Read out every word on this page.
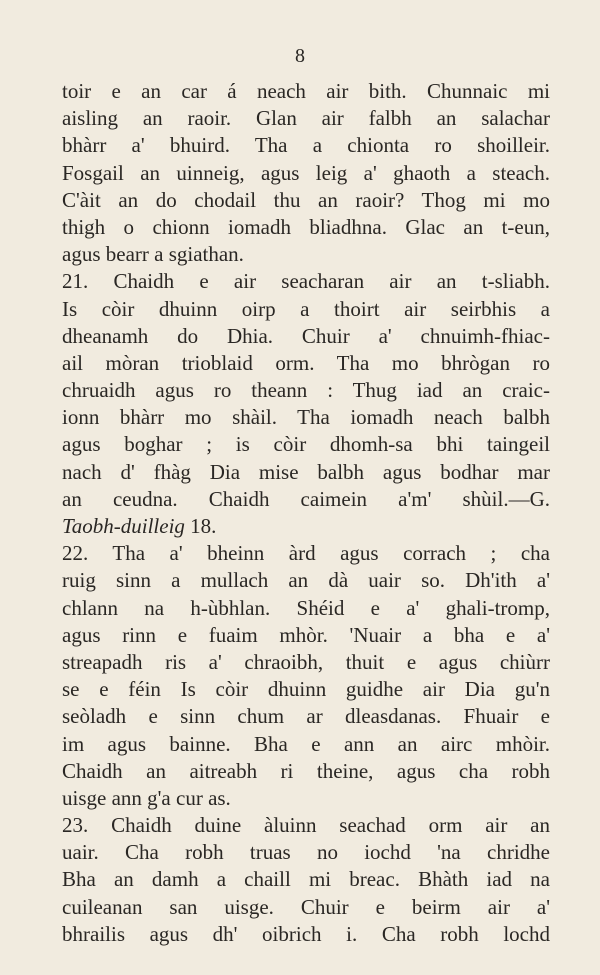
8
toir e an car á neach air bith. Chunnaic mi
aisling an raoir. Glan air falbh an salachar
bhàrr a' bhuird. Tha a chionta ro shoilleir.
Fosgail an uinneig, agus leig a' ghaoth a steach.
C'àit an do chodail thu an raoir? Thog mi mo
thigh o chionn iomadh bliadhna. Glac an t-eun,
agus bearr a sgiathan.
21. Chaidh e air seacharan air an t-sliabh.
Is còir dhuinn oirp a thoirt air seirbhis a
dheanamh do Dhia. Chuir a' chnuimh-fhiac-
ail mòran trioblaid orm. Tha mo bhrògan ro
chruaidh agus ro theann : Thug iad an craic-
ionn bhàrr mo shàil. Tha iomadh neach balbh
agus boghar ; is còir dhomh-sa bhi taingeil
nach d' fhàg Dia mise balbh agus bodhar mar
an ceudna. Chaidh caimein a'm' shùil.—G.
Taobh-duilleig 18.
22. Tha a' bheinn àrd agus corrach ; cha
ruig sinn a mullach an dà uair so. Dh'ith a'
chlann na h-ùbhlan. Shéid e a' ghali-tromp,
agus rinn e fuaim mhòr. 'Nuair a bha e a'
streapadh ris a' chraoibh, thuit e agus chiùrr
se e féin Is còir dhuinn guidhe air Dia gu'n
seòladh e sinn chum ar dleasdanas. Fhuair e
im agus bainne. Bha e ann an airc mhòir.
Chaidh an aitreabh ri theine, agus cha robh
uisge ann g'a cur as.
23. Chaidh duine àluinn seachad orm air an
uair. Cha robh truas no iochd 'na chridhe
Bha an damh a chaill mi breac. Bhàth iad na
cuileanan san uisge. Chuir e beirm air a'
bhrailis agus dh' oibrich i. Cha robh lochd
